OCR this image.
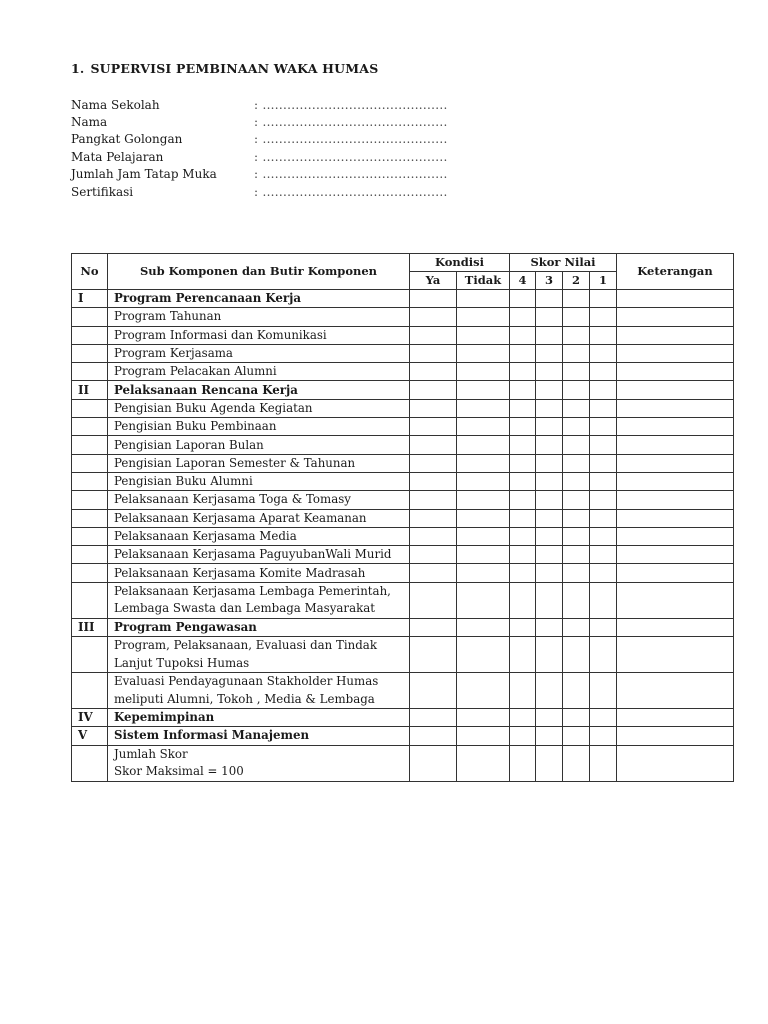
1. SUPERVISI PEMBINAAN WAKA HUMAS
Nama Sekolah	: .............................................
Nama	: .............................................
Pangkat Golongan	: .............................................
Mata Pelajaran	: .............................................
Jumlah Jam Tatap Muka	: .............................................
Sertifikasi	: .............................................
No	Sub Komponen dan Butir Komponen	Kondisi		Skor Nilai				Keterangan
		Ya	Tidak	4	3	2	1	
I	Program Perencanaan Kerja							

	Program Tahunan							

	Program Informasi dan Komunikasi							

	Program Kerjasama							

	Program Pelacakan Alumni							

II	Pelaksanaan Rencana Kerja							

	Pengisian Buku Agenda Kegiatan							

	Pengisian Buku Pembinaan							

	Pengisian Laporan Bulan							

	Pengisian Laporan Semester & Tahunan							

	Pengisian Buku Alumni							

	Pelaksanaan Kerjasama Toga & Tomasy							

	Pelaksanaan Kerjasama Aparat Keamanan							

	Pelaksanaan Kerjasama Media							

	Pelaksanaan Kerjasama PaguyubanWali Murid							

	Pelaksanaan Kerjasama Komite Madrasah							

	Pelaksanaan Kerjasama Lembaga Pemerintah,
Lembaga Swasta dan Lembaga Masyarakat							

III	Program Pengawasan							

	Program, Pelaksanaan, Evaluasi dan Tindak
Lanjut Tupoksi Humas							

	Evaluasi Pendayagunaan Stakholder Humas
meliputi Alumni, Tokoh , Media & Lembaga							

IV	Kepemimpinan							

V	Sistem Informasi Manajemen							

	Jumlah Skor
Skor Maksimal = 100							
